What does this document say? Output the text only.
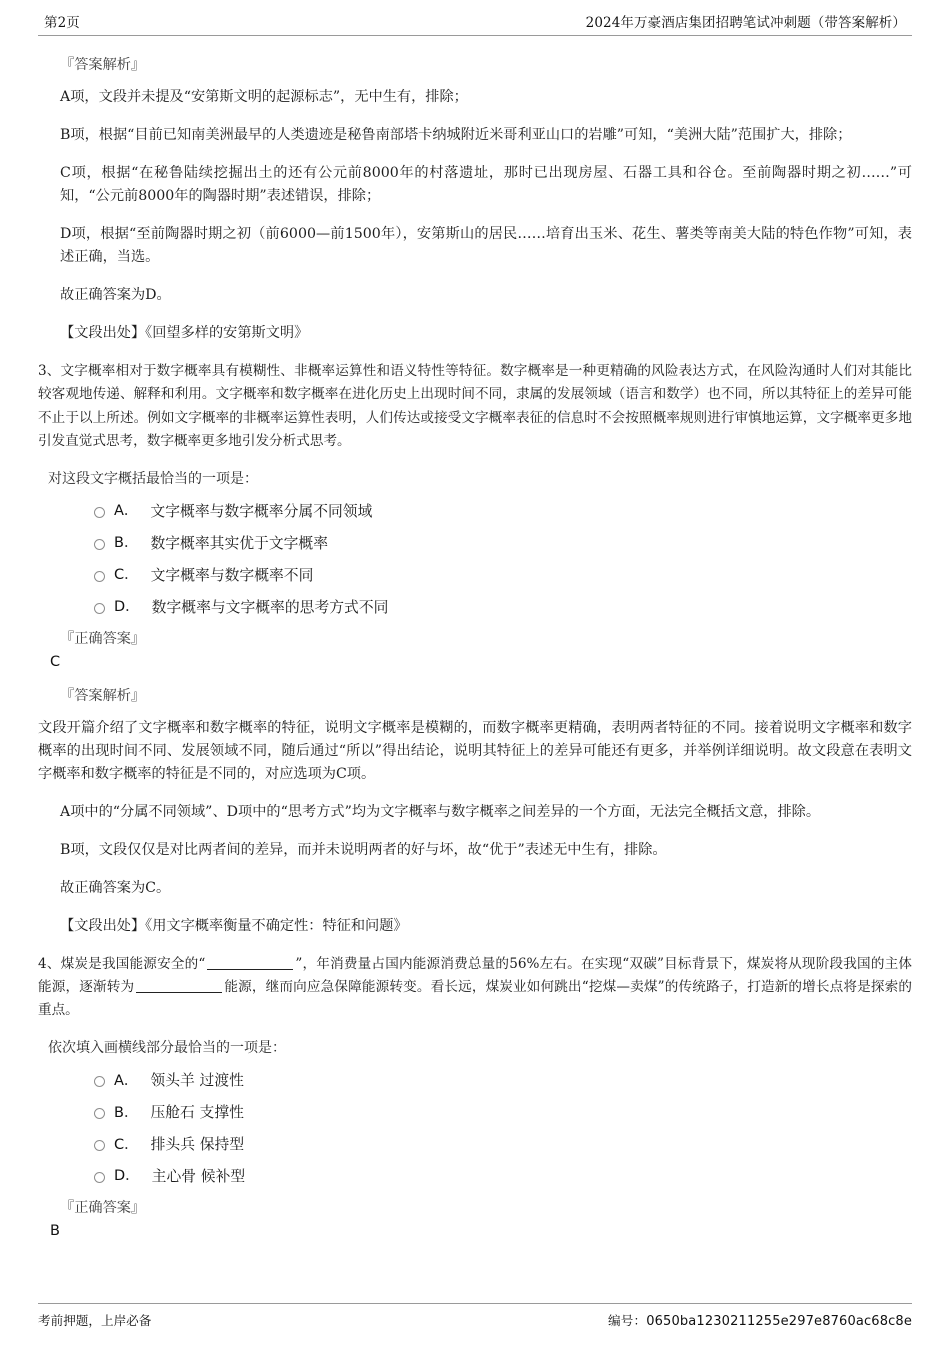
第2页	2024年万豪酒店集团招聘笔试冲刺题（带答案解析）

『答案解析』

A项，文段并未提及“安第斯文明的起源标志”，无中生有，排除；

B项，根据“目前已知南美洲最早的人类遗迹是秘鲁南部塔卡纳城附近米哥利亚山口的岩雕”可知，“美洲大陆”范围扩大，排除；

C项，根据“在秘鲁陆续挖掘出土的还有公元前8000年的村落遗址，那时已出现房屋、石器工具和谷仓。至前陶器时期之初……”可知，“公元前8000年的陶器时期”表述错误，排除；

D项，根据“至前陶器时期之初（前6000—前1500年），安第斯山的居民……培育出玉米、花生、薯类等南美大陆的特色作物”可知，表述正确，当选。

故正确答案为D。

【文段出处】《回望多样的安第斯文明》

3、文字概率相对于数字概率具有模糊性、非概率运算性和语义特性等特征。数字概率是一种更精确的风险表达方式，在风险沟通时人们对其能比较客观地传递、解释和利用。文字概率和数字概率在进化历史上出现时间不同，隶属的发展领域（语言和数学）也不同，所以其特征上的差异可能不止于以上所述。例如文字概率的非概率运算性表明，人们传达或接受文字概率表征的信息时不会按照概率规则进行审慎地运算，文字概率更多地引发直觉式思考，数字概率更多地引发分析式思考。

对这段文字概括最恰当的一项是：

A． 文字概率与数字概率分属不同领域
B． 数字概率其实优于文字概率
C． 文字概率与数字概率不同
D． 数字概率与文字概率的思考方式不同

『正确答案』

C

『答案解析』

文段开篇介绍了文字概率和数字概率的特征，说明文字概率是模糊的，而数字概率更精确，表明两者特征的不同。接着说明文字概率和数字概率的出现时间不同、发展领域不同，随后通过“所以”得出结论，说明其特征上的差异可能还有更多，并举例详细说明。故文段意在表明文字概率和数字概率的特征是不同的，对应选项为C项。

A项中的“分属不同领域”、D项中的“思考方式”均为文字概率与数字概率之间差异的一个方面，无法完全概括文意，排除。

B项，文段仅仅是对比两者间的差异，而并未说明两者的好与坏，故“优于”表述无中生有，排除。

故正确答案为C。

【文段出处】《用文字概率衡量不确定性：特征和问题》

4、煤炭是我国能源安全的“	”，年消费量占国内能源消费总量的56%左右。在实现“双碳”目标背景下，煤炭将从现阶段我国的主体能源，逐渐转为	能源，继而向应急保障能源转变。看长远，煤炭业如何跳出“挖煤—卖煤”的传统路子，打造新的增长点将是探索的重点。

依次填入画横线部分最恰当的一项是：

A． 领头羊 过渡性
B． 压舱石 支撑性
C． 排头兵 保持型
D． 主心骨 候补型

『正确答案』

B

考前押题，上岸必备	编号：0650ba1230211255e297e8760ac68c8e
